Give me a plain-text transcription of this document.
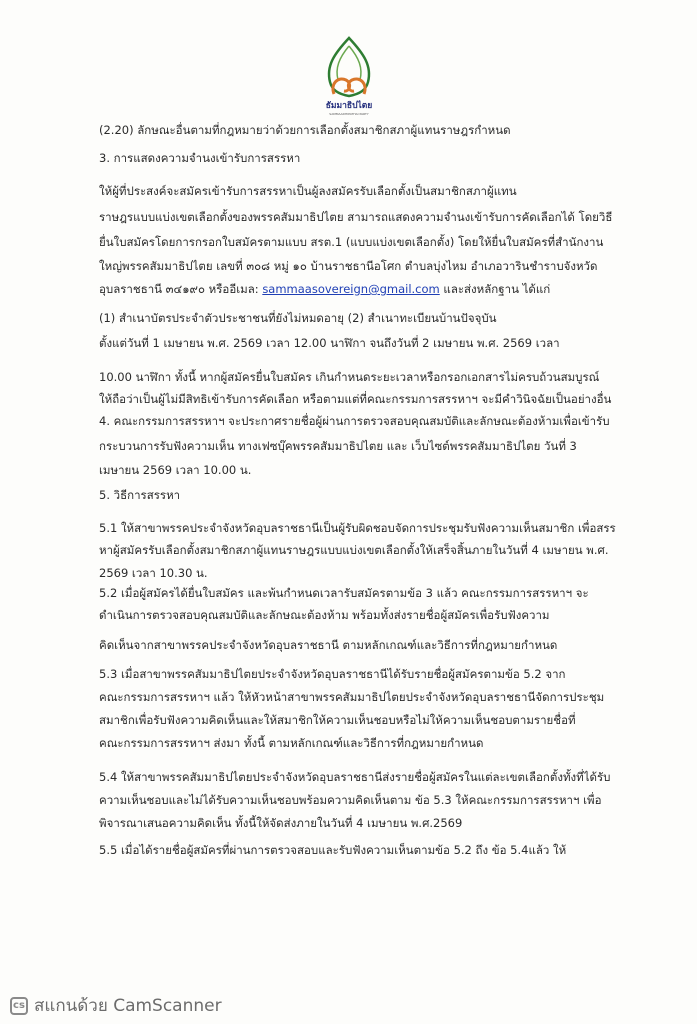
ธัมมาธิปไตย
SAMMAADHIPATHAI PARTY
(2.20) ลักษณะอื่นตามที่กฎหมายว่าด้วยการเลือกตั้งสมาชิกสภาผู้แทนราษฎรกำหนด
3. การแสดงความจำนงเข้ารับการสรรหา
ให้ผู้ที่ประสงค์จะสมัครเข้ารับการสรรหาเป็นผู้ลงสมัครรับเลือกตั้งเป็นสมาชิกสภาผู้แทน
ราษฎรแบบแบ่งเขตเลือกตั้งของพรรคสัมมาธิปไตย สามารถแสดงความจำนงเข้ารับการคัดเลือกได้ โดยวิธี
ยื่นใบสมัครโดยการกรอกใบสมัครตามแบบ สรต.1 (แบบแบ่งเขตเลือกตั้ง) โดยให้ยื่นใบสมัครที่สำนักงาน
ใหญ่พรรคสัมมาธิปไตย เลขที่ ๓๐๘ หมู่ ๑๐ บ้านราชธานีอโศก ตำบลบุ่งไหม อำเภอวารินชำราบจังหวัด
อุบลราชธานี ๓๔๑๙๐ หรืออีเมล: sammaasovereign@gmail.com และส่งหลักฐาน ได้แก่
(1) สำเนาบัตรประจำตัวประชาชนที่ยังไม่หมดอายุ (2) สำเนาทะเบียนบ้านปัจจุบัน
ตั้งแต่วันที่ 1 เมษายน พ.ศ. 2569 เวลา 12.00 นาฬิกา จนถึงวันที่ 2 เมษายน พ.ศ. 2569 เวลา
10.00 นาฬิกา ทั้งนี้ หากผู้สมัครยื่นใบสมัคร เกินกำหนดระยะเวลาหรือกรอกเอกสารไม่ครบถ้วนสมบูรณ์
ให้ถือว่าเป็นผู้ไม่มีสิทธิเข้ารับการคัดเลือก หรือตามแต่ที่คณะกรรมการสรรหาฯ จะมีคำวินิจฉัยเป็นอย่างอื่น
4. คณะกรรมการสรรหาฯ จะประกาศรายชื่อผู้ผ่านการตรวจสอบคุณสมบัติและลักษณะต้องห้ามเพื่อเข้ารับ
กระบวนการรับฟังความเห็น ทางเฟซบุ๊คพรรคสัมมาธิปไตย และ เว็บไซต์พรรคสัมมาธิปไตย วันที่ 3
เมษายน 2569 เวลา 10.00 น.
5. วิธีการสรรหา
5.1 ให้สาขาพรรคประจำจังหวัดอุบลราชธานีเป็นผู้รับผิดชอบจัดการประชุมรับฟังความเห็นสมาชิก เพื่อสรร
หาผู้สมัครรับเลือกตั้งสมาชิกสภาผู้แทนราษฎรแบบแบ่งเขตเลือกตั้งให้เสร็จสิ้นภายในวันที่ 4 เมษายน พ.ศ.
2569 เวลา 10.30 น.
5.2 เมื่อผู้สมัครได้ยื่นใบสมัคร และพ้นกำหนดเวลารับสมัครตามข้อ 3 แล้ว คณะกรรมการสรรหาฯ จะ
ดำเนินการตรวจสอบคุณสมบัติและลักษณะต้องห้าม พร้อมทั้งส่งรายชื่อผู้สมัครเพื่อรับฟังความ
คิดเห็นจากสาขาพรรคประจำจังหวัดอุบลราชธานี ตามหลักเกณฑ์และวิธีการที่กฎหมายกำหนด
5.3 เมื่อสาขาพรรคสัมมาธิปไตยประจำจังหวัดอุบลราชธานีได้รับรายชื่อผู้สมัครตามข้อ 5.2 จาก
คณะกรรมการสรรหาฯ แล้ว ให้หัวหน้าสาขาพรรคสัมมาธิปไตยประจำจังหวัดอุบลราชธานีจัดการประชุม
สมาชิกเพื่อรับฟังความคิดเห็นและให้สมาชิกให้ความเห็นชอบหรือไม่ให้ความเห็นชอบตามรายชื่อที่
คณะกรรมการสรรหาฯ ส่งมา ทั้งนี้ ตามหลักเกณฑ์และวิธีการที่กฎหมายกำหนด
5.4 ให้สาขาพรรคสัมมาธิปไตยประจำจังหวัดอุบลราชธานีส่งรายชื่อผู้สมัครในแต่ละเขตเลือกตั้งทั้งที่ได้รับ
ความเห็นชอบและไม่ได้รับความเห็นชอบพร้อมความคิดเห็นตาม ข้อ 5.3 ให้คณะกรรมการสรรหาฯ เพื่อ
พิจารณาเสนอความคิดเห็น ทั้งนี้ให้จัดส่งภายในวันที่ 4 เมษายน พ.ศ.2569
5.5 เมื่อได้รายชื่อผู้สมัครที่ผ่านการตรวจสอบและรับฟังความเห็นตามข้อ 5.2 ถึง ข้อ 5.4แล้ว ให้
cs สแกนด้วย CamScanner
